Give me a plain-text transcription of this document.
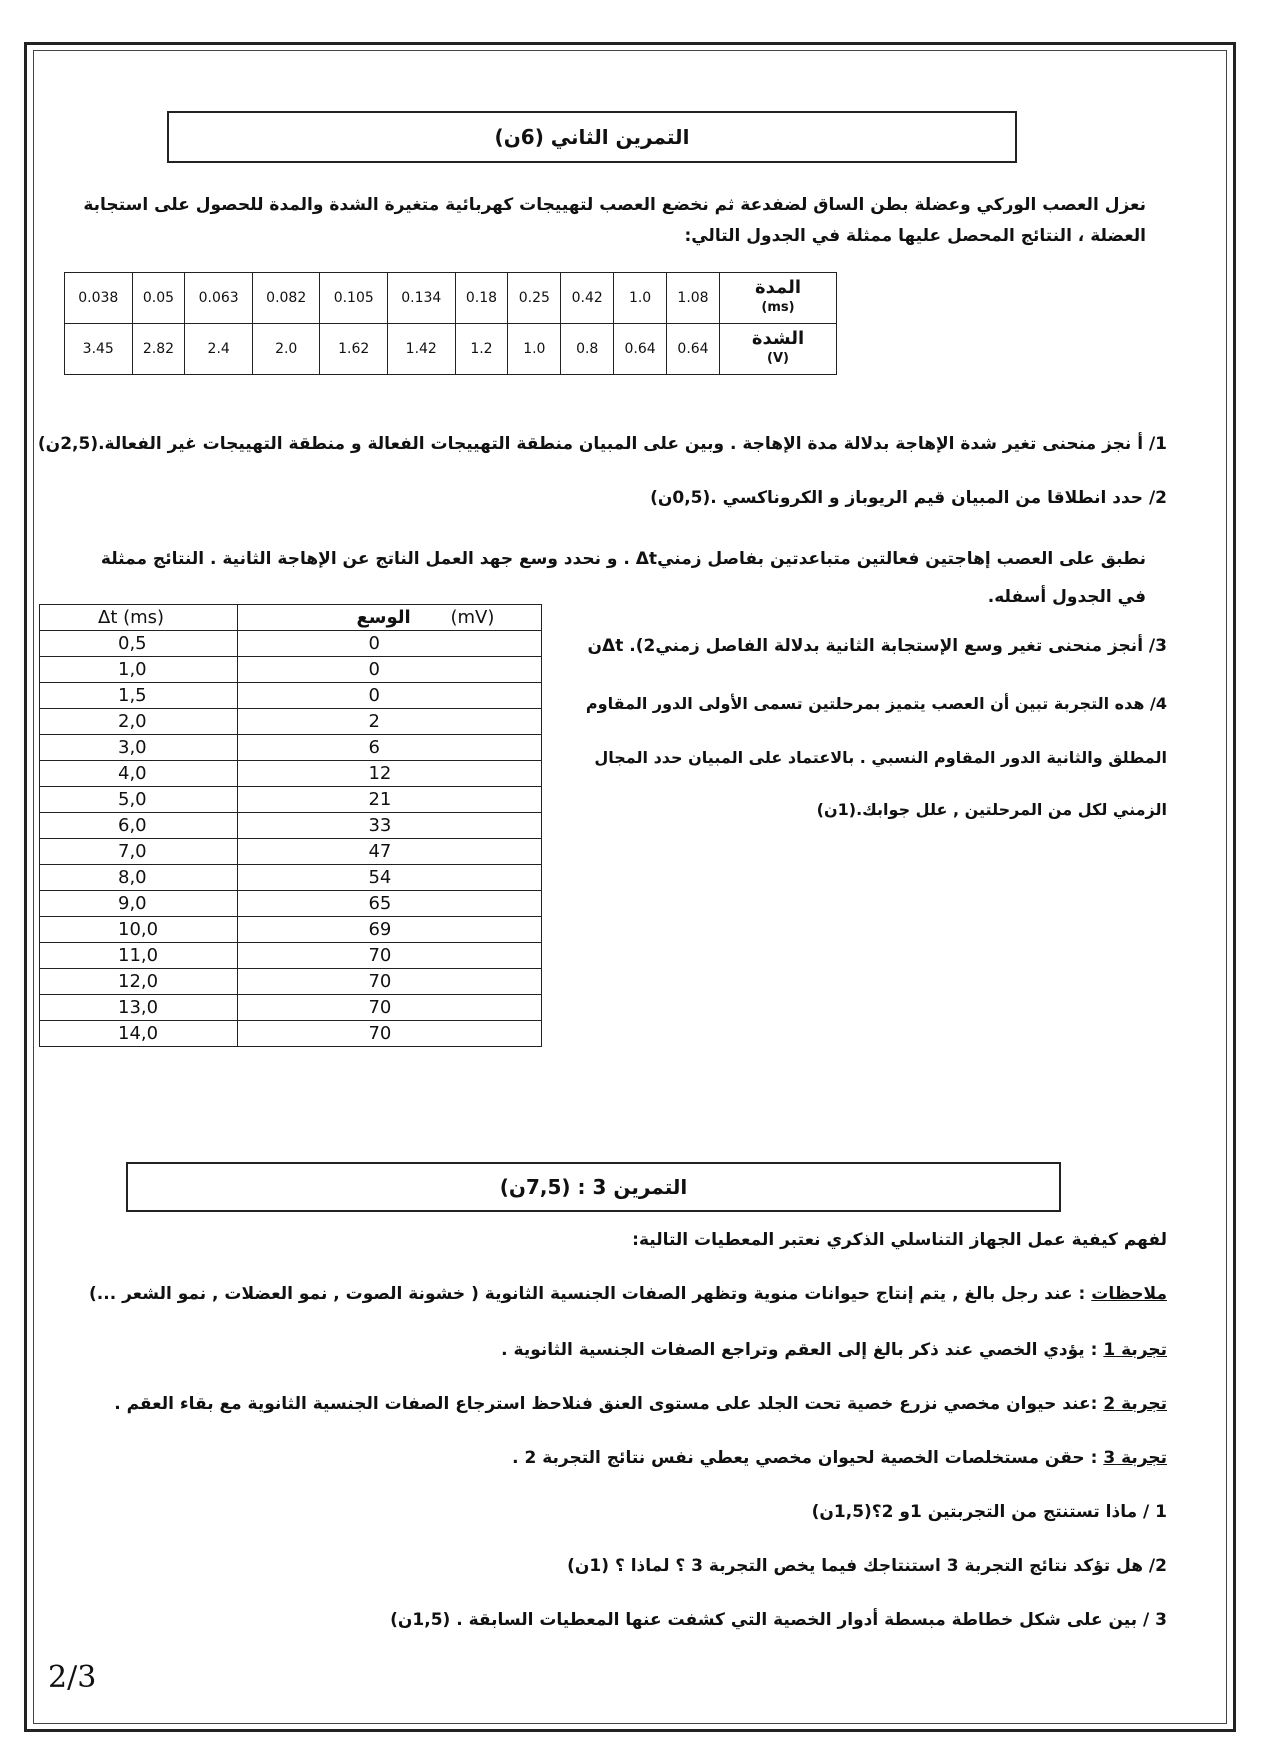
التمرين الثاني (6ن)
نعزل العصب الوركي وعضلة بطن الساق لضفدعة ثم نخضع العصب لتهييجات كهربائية متغيرة الشدة والمدة للحصول على استجابة العضلة ، النتائج المحصل عليها ممثلة في الجدول التالي:
0.038	0.05	0.063	0.082	0.105	0.134	0.18	0.25	0.42	1.0	1.08	المدة
(ms)

3.45	2.82	2.4	2.0	1.62	1.42	1.2	1.0	0.8	0.64	0.64	الشدة
(V)
1/ أ نجز منحنى تغير شدة الإهاجة بدلالة مدة الإهاجة . وبين على المبيان منطقة التهييجات الفعالة و منطقة التهييجات غير الفعالة.(2,5ن)
2/ حدد انطلاقا من المبيان قيم الريوباز و الكروناكسي .(0,5ن)
نطبق على العصب إهاجتين فعالتين متباعدتين بفاصل زمنيΔt . و نحدد وسع جهد العمل الناتج عن الإهاجة الثانية . النتائج ممثلة في الجدول أسفله.
Δt (ms)	الوسع (mV)

0,5	0
1,0	0
1,5	0
2,0	2
3,0	6
4,0	12
5,0	21
6,0	33
7,0	47
8,0	54
9,0	65
10,0	69
11,0	70
12,0	70
13,0	70
14,0	70
3/ أنجز منحنى تغير وسع الإستجابة الثانية بدلالة الفاصل زمنيΔt .(2ن
4/ هده التجربة تبين أن العصب يتميز بمرحلتين تسمى الأولى الدور المقاوم
المطلق والثانية الدور المقاوم النسبي . بالاعتماد على المبيان حدد المجال
الزمني لكل من المرحلتين , علل جوابك.(1ن)
التمرين 3 : (7,5ن)
لفهم كيفية عمل الجهاز التناسلي الذكري نعتبر المعطيات التالية:
ملاحظات : عند رجل بالغ , يتم إنتاج حيوانات منوية وتظهر الصفات الجنسية الثانوية ( خشونة الصوت , نمو العضلات , نمو الشعر ...)
تجربة 1 : يؤدي الخصي عند ذكر بالغ إلى العقم وتراجع الصفات الجنسية الثانوية .
تجربة 2 :عند حيوان مخصي نزرع خصية تحت الجلد على مستوى العنق فنلاحظ استرجاع الصفات الجنسية الثانوية مع بقاء العقم .
تجربة 3 : حقن مستخلصات الخصية لحيوان مخصي يعطي نفس نتائج التجربة 2 .
1 / ماذا تستنتج من التجربتين 1و 2؟(1,5ن)
2/ هل تؤكد نتائج التجربة 3 استنتاجك فيما يخص التجربة 3 ؟ لماذا ؟ (1ن)
3 / بين على شكل خطاطة مبسطة أدوار الخصية التي كشفت عنها المعطيات السابقة . (1,5ن)
2/3
